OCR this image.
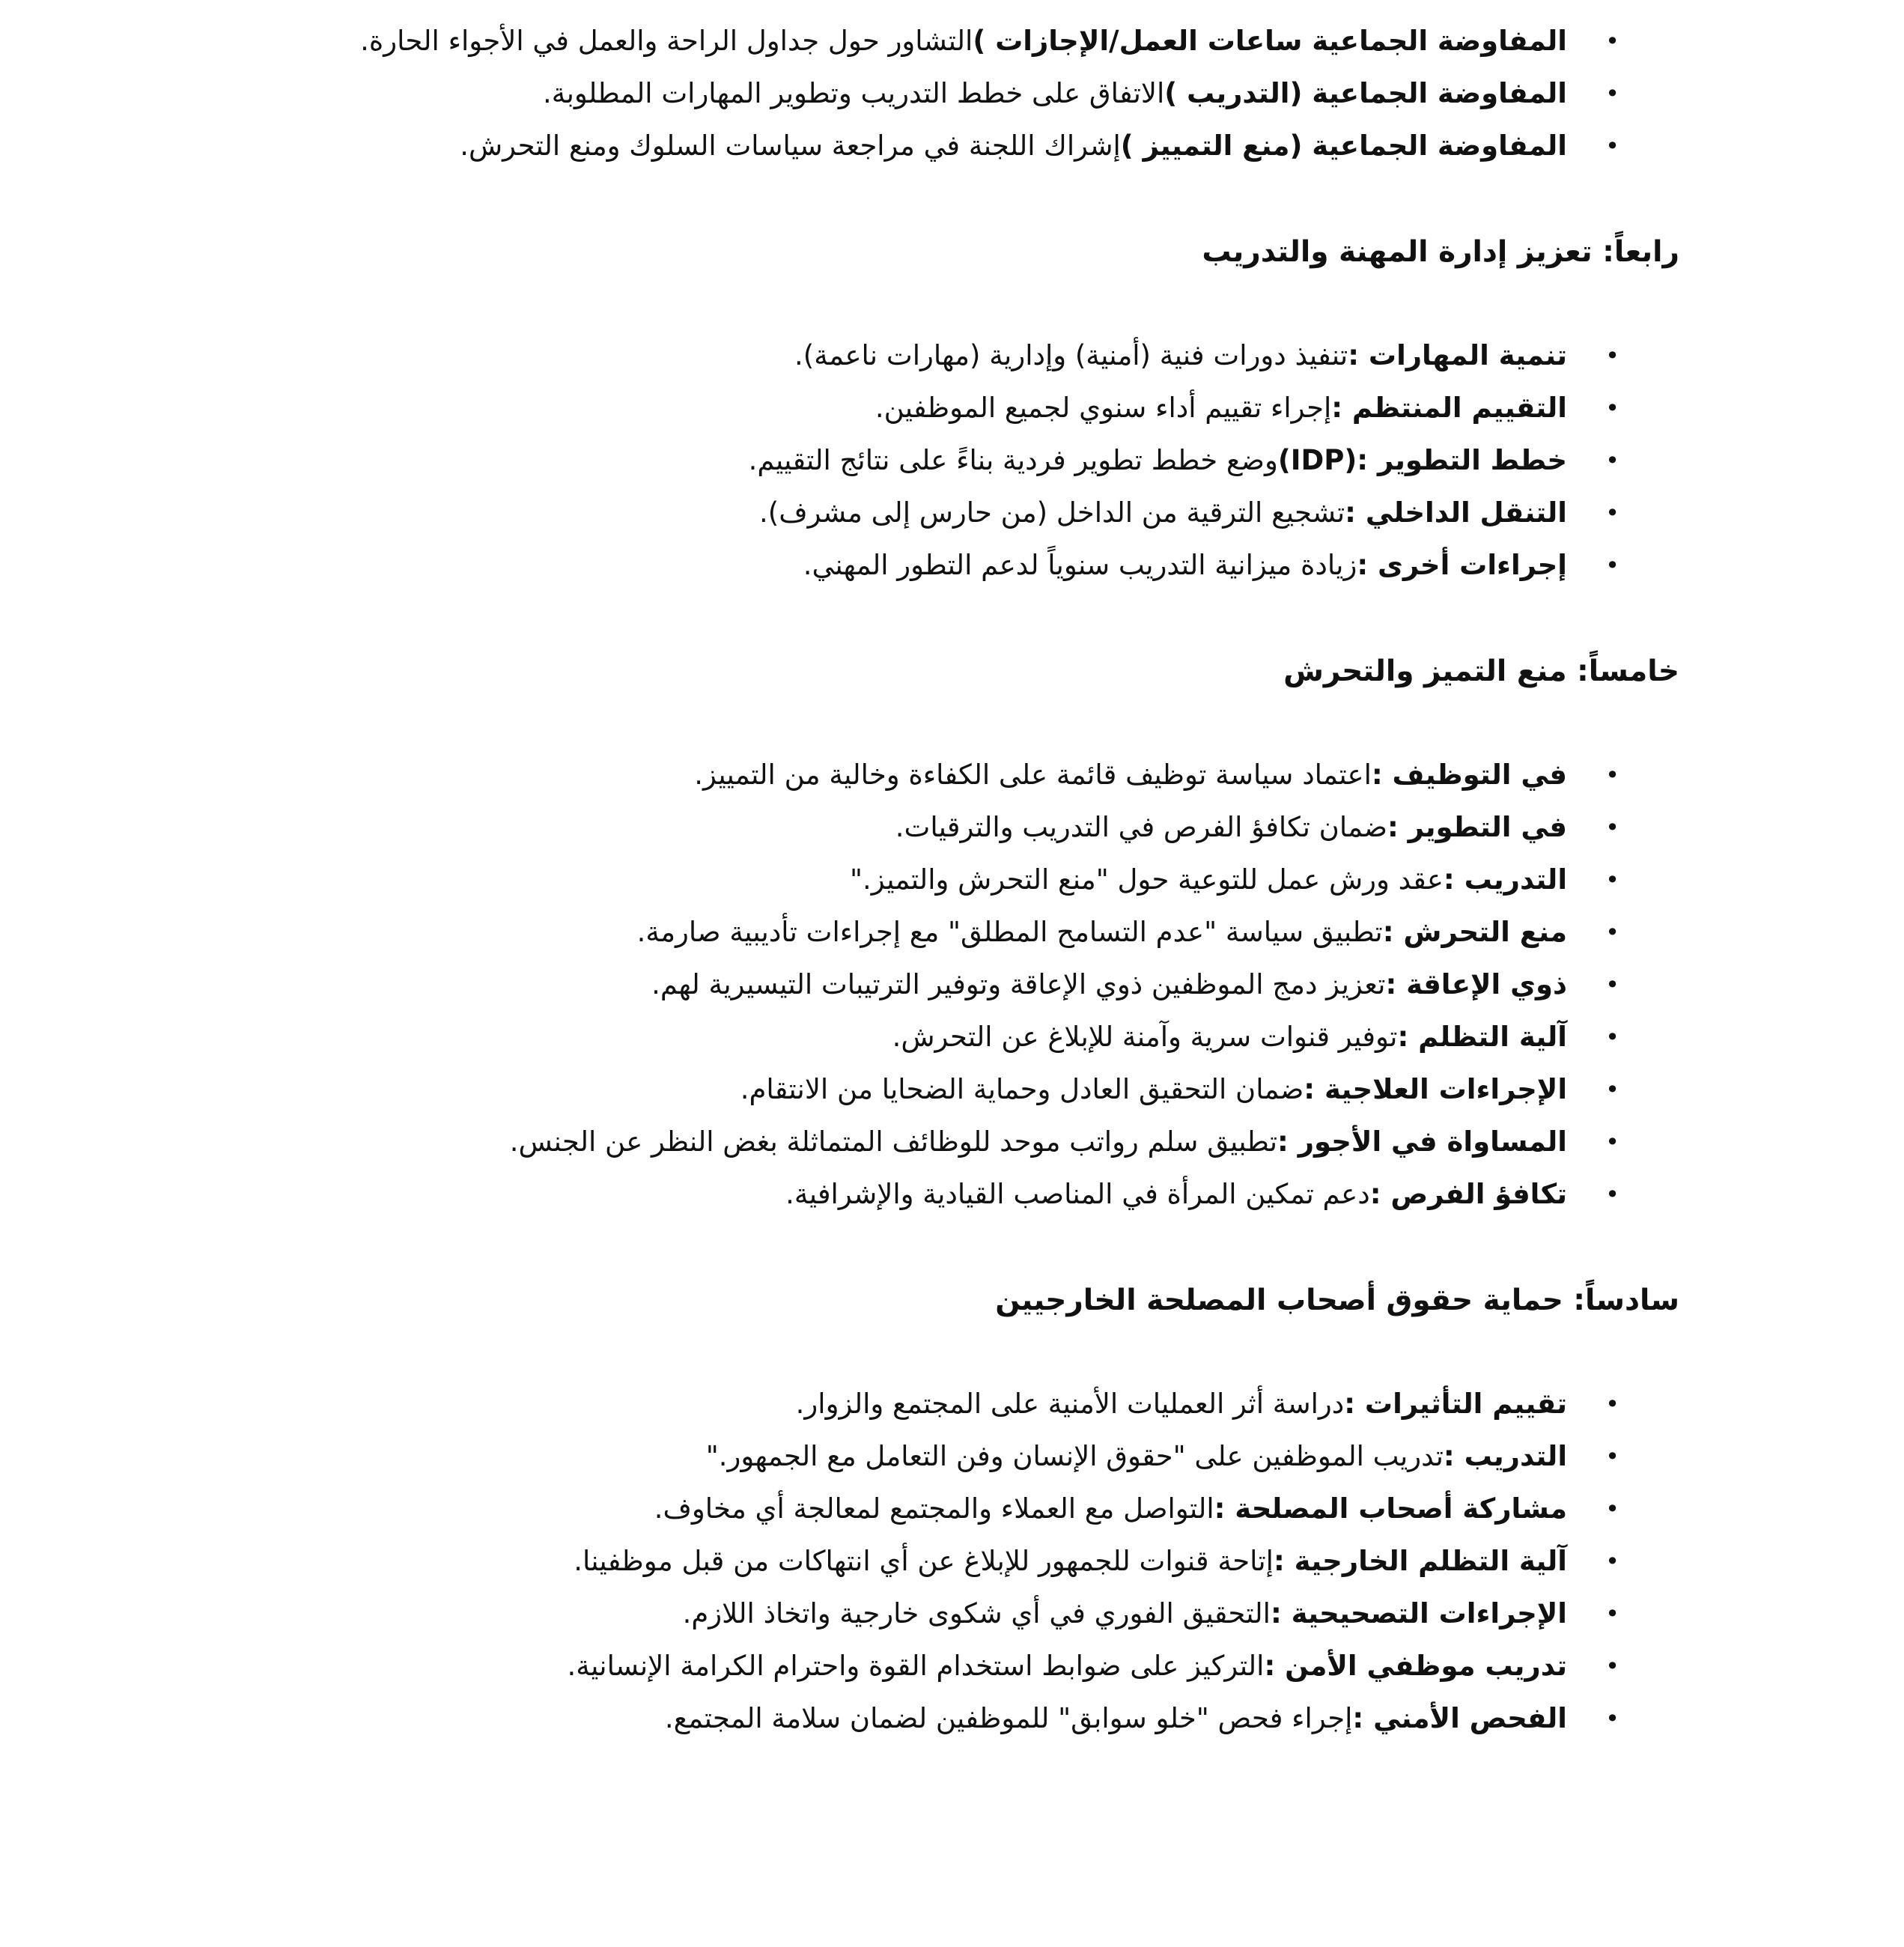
•
المفاوضة الجماعية ساعات العمل/الإجازات )التشاور حول جداول الراحة والعمل في الأجواء الحارة.
•
المفاوضة الجماعية (التدريب )الاتفاق على خطط التدريب وتطوير المهارات المطلوبة.
•
المفاوضة الجماعية (منع التمييز )إشراك اللجنة في مراجعة سياسات السلوك ومنع التحرش.
رابعاً: تعزيز إدارة المهنة والتدريب
•
تنمية المهارات :تنفيذ دورات فنية (أمنية) وإدارية (مهارات ناعمة).
•
التقييم المنتظم :إجراء تقييم أداء سنوي لجميع الموظفين.
•
خطط التطوير :(IDP)وضع خطط تطوير فردية بناءً على نتائج التقييم.
•
التنقل الداخلي :تشجيع الترقية من الداخل (من حارس إلى مشرف).
•
إجراءات أخرى :زيادة ميزانية التدريب سنوياً لدعم التطور المهني.
خامساً: منع التميز والتحرش
•
في التوظيف :اعتماد سياسة توظيف قائمة على الكفاءة وخالية من التمييز.
•
في التطوير :ضمان تكافؤ الفرص في التدريب والترقيات.
•
التدريب :عقد ورش عمل للتوعية حول "منع التحرش والتميز."
•
منع التحرش :تطبيق سياسة "عدم التسامح المطلق" مع إجراءات تأديبية صارمة.
•
ذوي الإعاقة :تعزيز دمج الموظفين ذوي الإعاقة وتوفير الترتيبات التيسيرية لهم.
•
آلية التظلم :توفير قنوات سرية وآمنة للإبلاغ عن التحرش.
•
الإجراءات العلاجية :ضمان التحقيق العادل وحماية الضحايا من الانتقام.
•
المساواة في الأجور :تطبيق سلم رواتب موحد للوظائف المتماثلة بغض النظر عن الجنس.
•
تكافؤ الفرص :دعم تمكين المرأة في المناصب القيادية والإشرافية.
سادساً: حماية حقوق أصحاب المصلحة الخارجيين
•
تقييم التأثيرات :دراسة أثر العمليات الأمنية على المجتمع والزوار.
•
التدريب :تدريب الموظفين على "حقوق الإنسان وفن التعامل مع الجمهور."
•
مشاركة أصحاب المصلحة :التواصل مع العملاء والمجتمع لمعالجة أي مخاوف.
•
آلية التظلم الخارجية :إتاحة قنوات للجمهور للإبلاغ عن أي انتهاكات من قبل موظفينا.
•
الإجراءات التصحيحية :التحقيق الفوري في أي شكوى خارجية واتخاذ اللازم.
•
تدريب موظفي الأمن :التركيز على ضوابط استخدام القوة واحترام الكرامة الإنسانية.
•
الفحص الأمني :إجراء فحص "خلو سوابق" للموظفين لضمان سلامة المجتمع.
